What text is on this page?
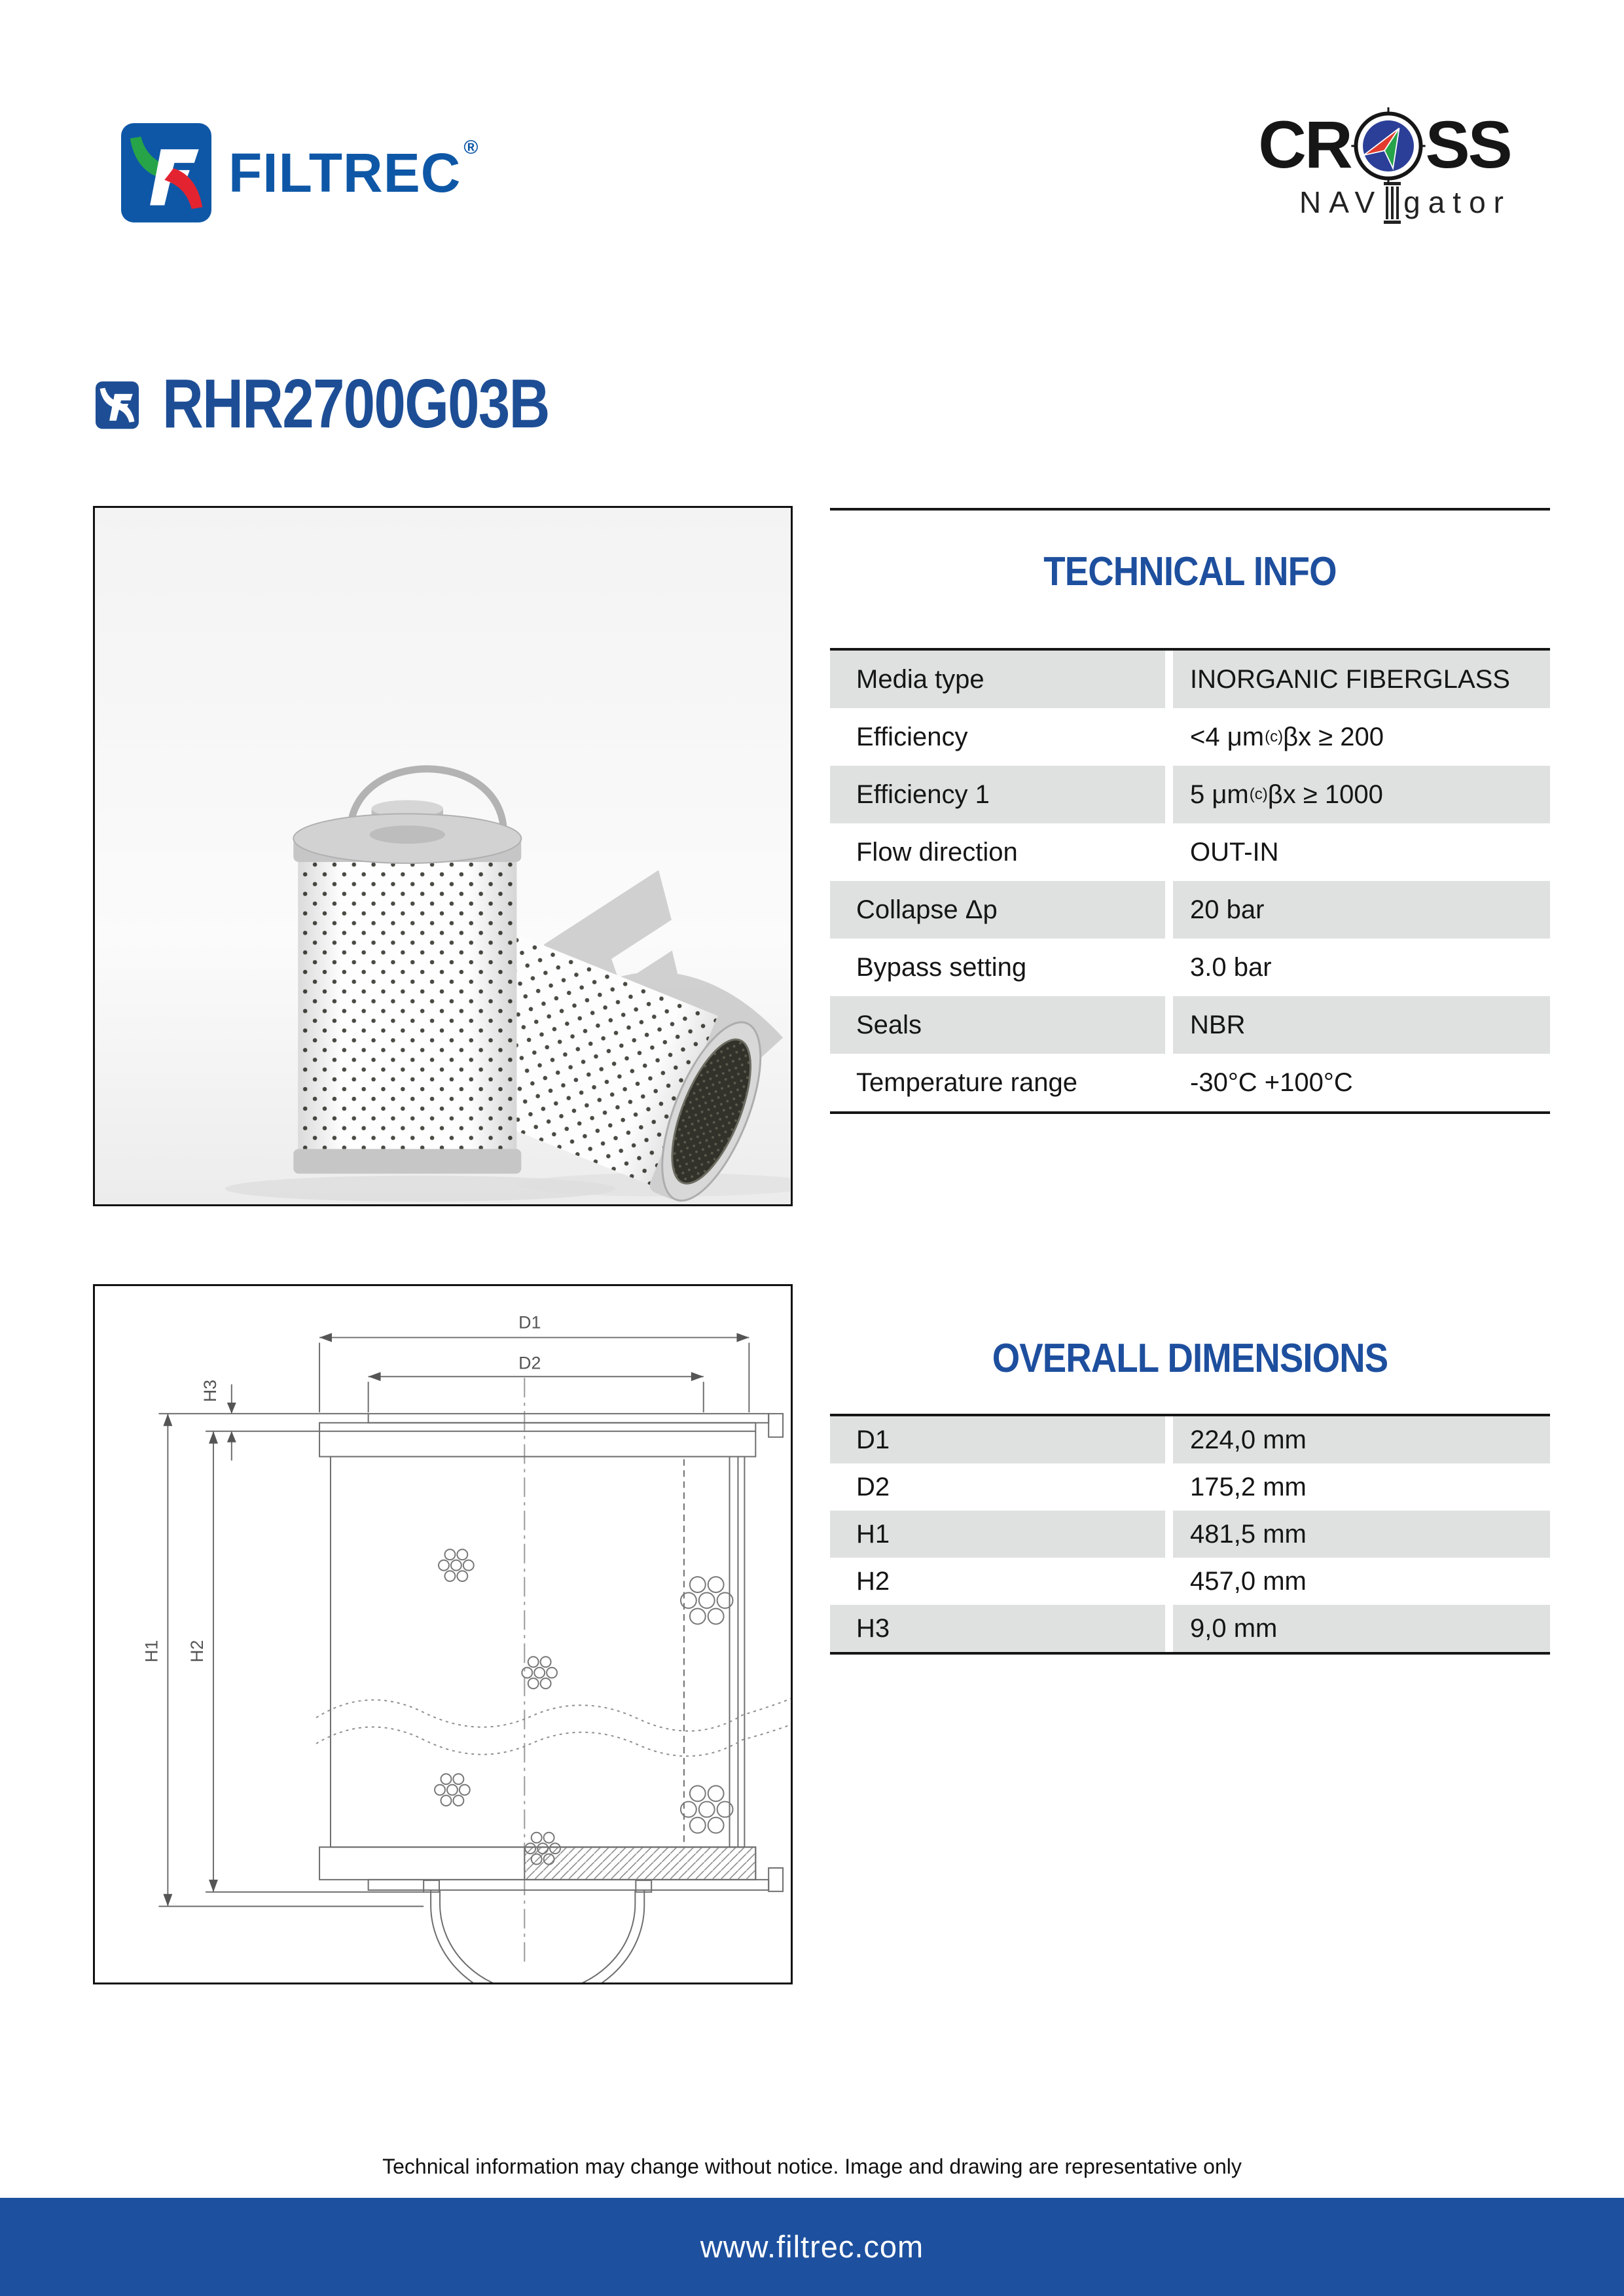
FILTREC ®	CR SS
NAV gator
RHR2700G03B
TECHNICAL INFO
Media type	INORGANIC FIBERGLASS
Efficiency	<4 μm (c) βx ≥ 200
Efficiency 1	5 μm (c) βx ≥ 1000
Flow direction	OUT-IN
Collapse Δp	20 bar
Bypass setting	3.0 bar
Seals	NBR
Temperature range	-30°C +100°C
D1
D2
H1 H2
H3
OVERALL DIMENSIONS
D1	224,0 mm
D2	175,2 mm
H1	481,5 mm
H2	457,0 mm
H3	9,0 mm
Technical information may change without notice. Image and drawing are representative only
www.filtrec.com
